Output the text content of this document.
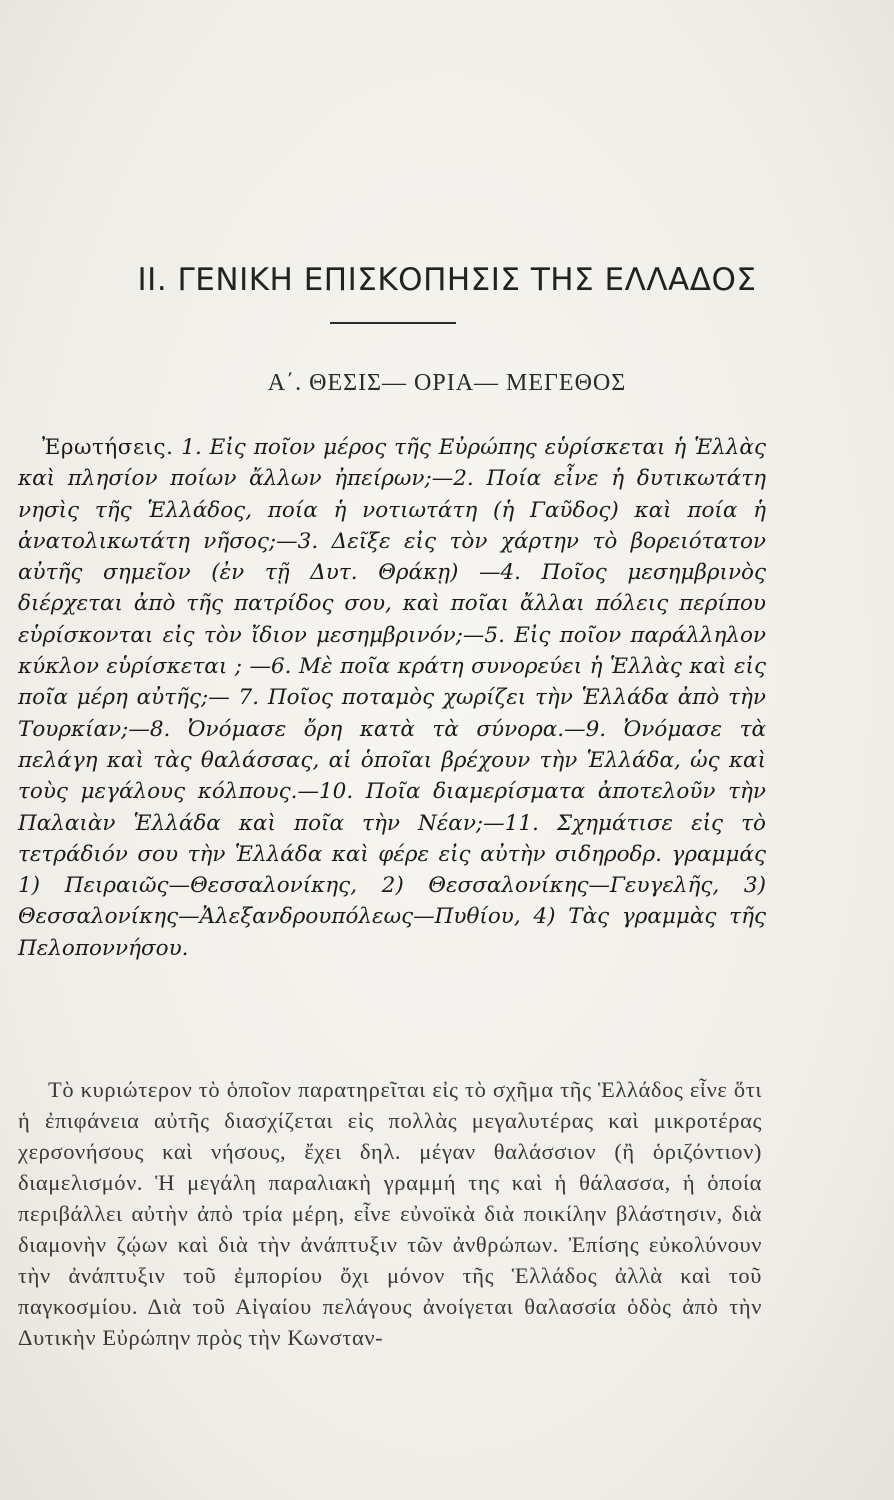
II. ΓΕΝΙΚΗ ΕΠΙΣΚΟΠΗΣΙΣ ΤΗΣ ΕΛΛΑΔΟΣ
Α΄. ΘΕΣΙΣ— ΟΡΙΑ— ΜΕΓΕΘΟΣ

Ἐρωτήσεις. 1. Εἰς ποῖον μέρος τῆς Εὐρώπης εὑρίσκεται ἡ Ἑλλὰς καὶ πλησίον ποίων ἄλλων ἠπείρων;—2. Ποία εἶνε ἡ δυτικωτάτη νησὶς τῆς Ἑλλάδος, ποία ἡ νοτιωτάτη (ἡ Γαῦδος) καὶ ποία ἡ ἀνατολικωτάτη νῆσος;—3. Δεῖξε εἰς τὸν χάρτην τὸ βορειότατον αὐτῆς σημεῖον (ἐν τῇ Δυτ. Θράκῃ) —4. Ποῖος μεσημβρινὸς διέρχεται ἀπὸ τῆς πατρίδος σου, καὶ ποῖαι ἄλλαι πόλεις περίπου εὑρίσκονται εἰς τὸν ἴδιον μεσημβρινόν;—5. Εἰς ποῖον παράλληλον κύκλον εὑρίσκεται ; —6. Μὲ ποῖα κράτη συνορεύει ἡ Ἑλλὰς καὶ εἰς ποῖα μέρη αὐτῆς;— 7. Ποῖος ποταμὸς χωρίζει τὴν Ἑλλάδα ἀπὸ τὴν Τουρκίαν;—8. Ὀνόμασε ὄρη κατὰ τὰ σύνορα.—9. Ὀνόμασε τὰ πελάγη καὶ τὰς θαλάσσας, αἱ ὁποῖαι βρέχουν τὴν Ἑλλάδα, ὡς καὶ τοὺς μεγάλους κόλπους.—10. Ποῖα διαμερίσματα ἀποτελοῦν τὴν Παλαιὰν Ἑλλάδα καὶ ποῖα τὴν Νέαν;—11. Σχημάτισε εἰς τὸ τετράδιόν σου τὴν Ἑλλάδα καὶ φέρε εἰς αὐτὴν σιδηροδρ. γραμμάς 1) Πειραιῶς—Θεσσαλονίκης, 2) Θεσσαλονίκης—Γευγελῆς, 3) Θεσσαλονίκης—Ἀλεξανδρουπόλεως—Πυθίου, 4) Τὰς γραμμὰς τῆς Πελοποννήσου.

Τὸ κυριώτερον τὸ ὁποῖον παρατηρεῖται εἰς τὸ σχῆμα τῆς Ἑλλάδος εἶνε ὅτι ἡ ἐπιφάνεια αὐτῆς διασχίζεται εἰς πολλὰς μεγαλυτέρας καὶ μικροτέρας χερσονήσους καὶ νήσους, ἔχει δηλ. μέγαν θαλάσσιον (ἢ ὁριζόντιον) διαμελισμόν. Ἡ μεγάλη παραλιακὴ γραμμή της καὶ ἡ θάλασσα, ἡ ὁποία περιβάλλει αὐτὴν ἀπὸ τρία μέρη, εἶνε εὐνοϊκὰ διὰ ποικίλην βλάστησιν, διὰ διαμονὴν ζῴων καὶ διὰ τὴν ἀνάπτυξιν τῶν ἀνθρώπων. Ἐπίσης εὐκολύνουν τὴν ἀνάπτυξιν τοῦ ἐμπορίου ὄχι μόνον τῆς Ἑλλάδος ἀλλὰ καὶ τοῦ παγκοσμίου. Διὰ τοῦ Αἰγαίου πελάγους ἀνοίγεται θαλασσία ὁδὸς ἀπὸ τὴν Δυτικὴν Εὐρώπην πρὸς τὴν Κωνσταν-
